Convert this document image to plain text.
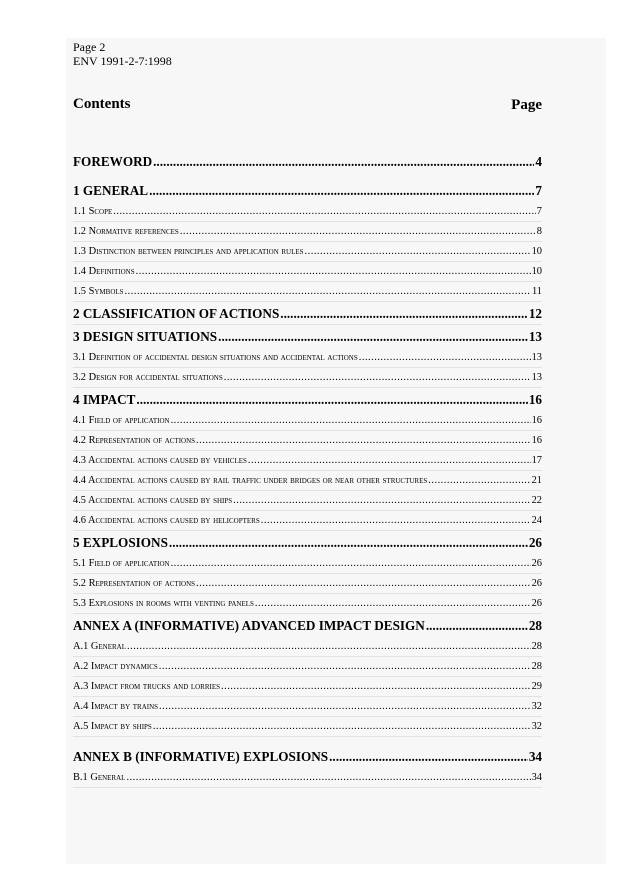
Page 2
ENV 1991-2-7:1998
Contents	Page
FOREWORD .....	4
1 GENERAL .....	7
1.1 Scope .....	7
1.2 Normative references .....	8
1.3 Distinction between principles and application rules .....	10
1.4 Definitions .....	10
1.5 Symbols .....	11
2 CLASSIFICATION OF ACTIONS .....	12
3 DESIGN SITUATIONS .....	13
3.1 Definition of accidental design situations and accidental actions .....	13
3.2 Design for accidental situations .....	13
4 IMPACT .....	16
4.1 Field of application .....	16
4.2 Representation of actions .....	16
4.3 Accidental actions caused by vehicles .....	17
4.4 Accidental actions caused by rail traffic under bridges or near other structures .....	21
4.5 Accidental actions caused by ships .....	22
4.6 Accidental actions caused by helicopters .....	24
5 EXPLOSIONS .....	26
5.1 Field of application .....	26
5.2 Representation of actions .....	26
5.3 Explosions in rooms with venting panels .....	26
ANNEX A (INFORMATIVE) ADVANCED IMPACT DESIGN .....	28
A.1 General .....	28
A.2 Impact dynamics .....	28
A.3 Impact from trucks and lorries .....	29
A.4 Impact by trains .....	32
A.5 Impact by ships .....	32
ANNEX B (INFORMATIVE) EXPLOSIONS .....	34
B.1 General .....	34
